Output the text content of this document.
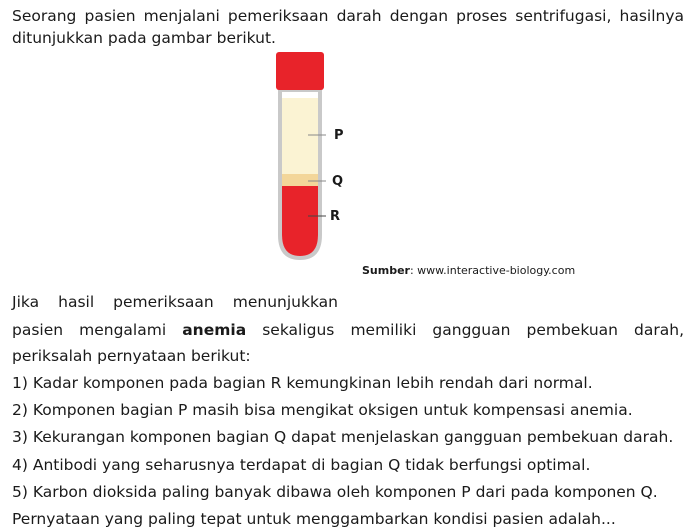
Seorang pasien menjalani pemeriksaan darah dengan proses sentrifugasi, hasilnya
ditunjukkan pada gambar berikut.
P
Q
R
Sumber: www.interactive-biology.com
Jika hasil pemeriksaan menunjukkan
pasien mengalami anemia sekaligus memiliki gangguan pembekuan darah,
periksalah pernyataan berikut:
1) Kadar komponen pada bagian R kemungkinan lebih rendah dari normal.
2) Komponen bagian P masih bisa mengikat oksigen untuk kompensasi anemia.
3) Kekurangan komponen bagian Q dapat menjelaskan gangguan pembekuan darah.
4) Antibodi yang seharusnya terdapat di bagian Q tidak berfungsi optimal.
5) Karbon dioksida paling banyak dibawa oleh komponen P dari pada komponen Q.
Pernyataan yang paling tepat untuk menggambarkan kondisi pasien adalah...
